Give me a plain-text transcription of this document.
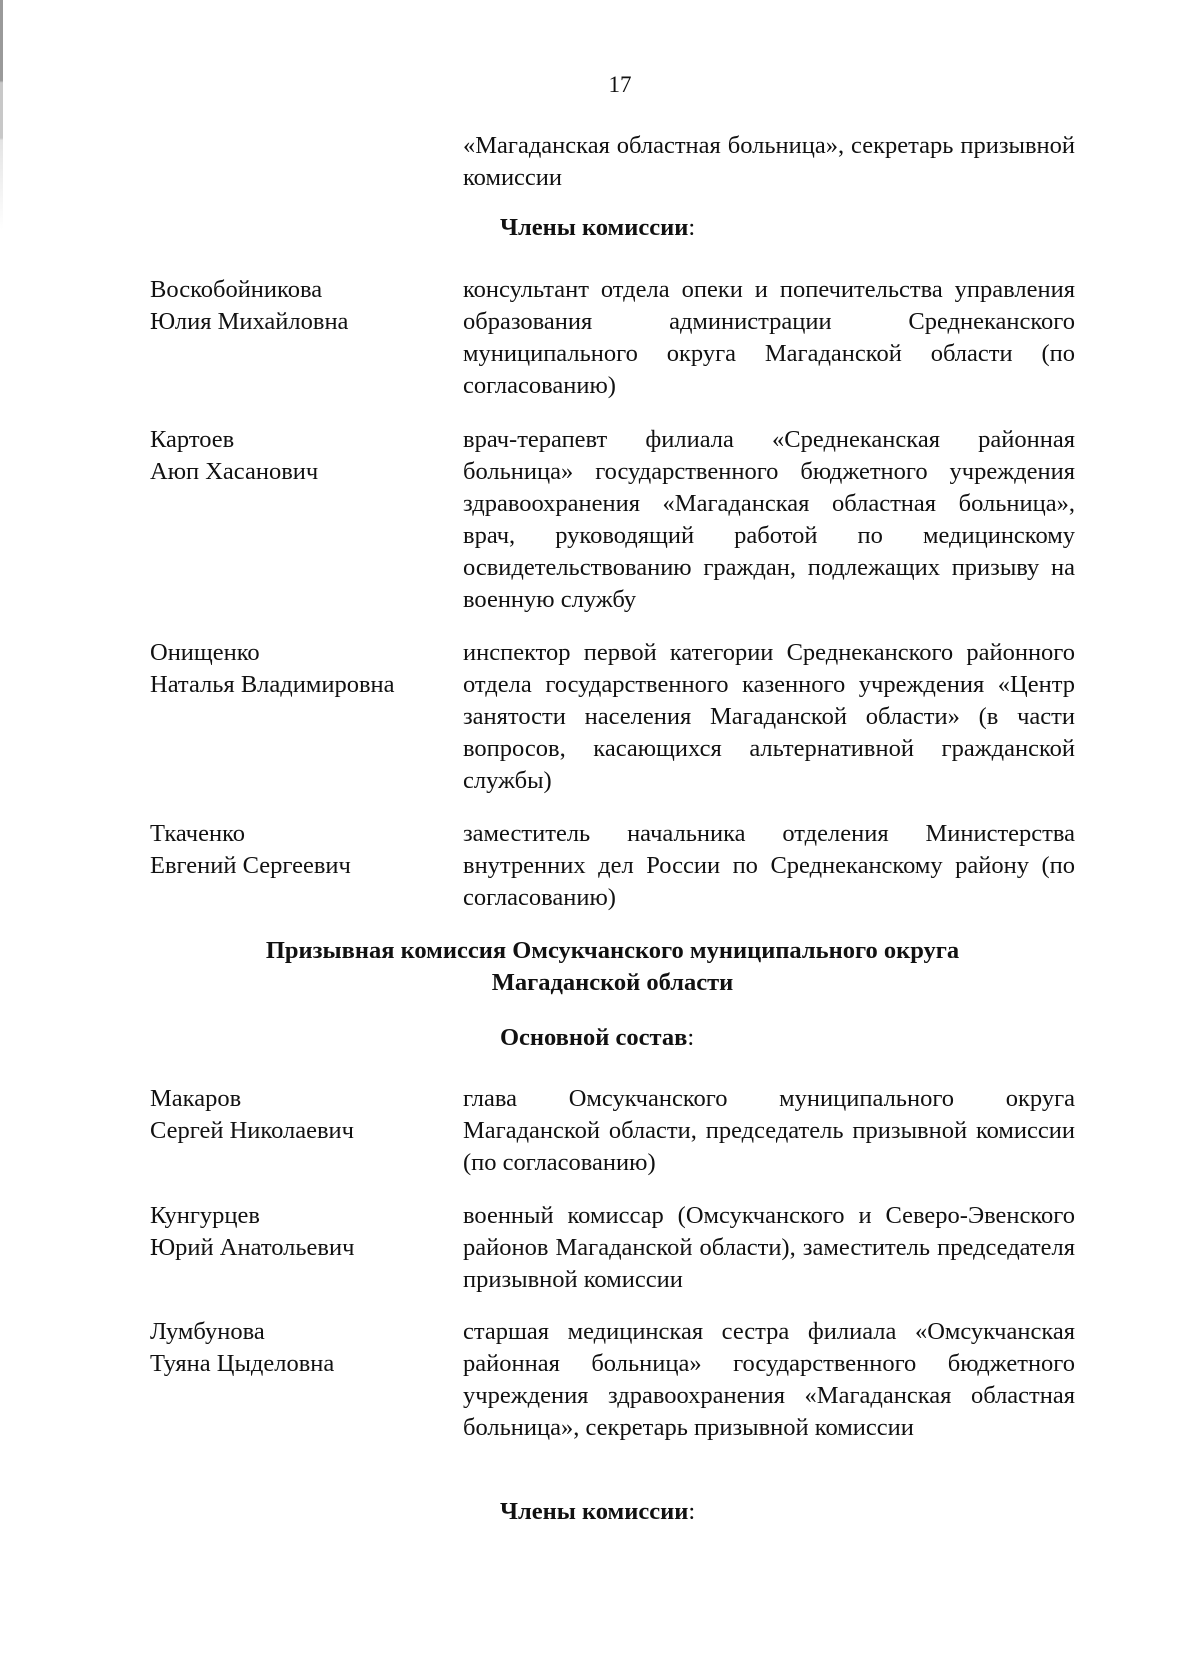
17
«Магаданская областная больница», секретарь призывной комиссии
Члены комиссии:
Воскобойникова
Юлия Михайловна
консультант отдела опеки и попечительства управления образования администрации Среднеканского муниципального округа Магаданской области (по согласованию)
Картоев
Аюп Хасанович
врач-терапевт филиала «Среднеканская районная больница» государственного бюджетного учреждения здравоохранения «Магаданская областная больница», врач, руководящий работой по медицинскому освидетельствованию граждан, подлежащих призыву на военную службу
Онищенко
Наталья Владимировна
инспектор первой категории Среднеканского районного отдела государственного казенного учреждения «Центр занятости населения Магаданской области» (в части вопросов, касающихся альтернативной гражданской службы)
Ткаченко
Евгений Сергеевич
заместитель начальника отделения Министерства внутренних дел России по Среднеканскому району (по согласованию)
Призывная комиссия Омсукчанского муниципального округа
Магаданской области
Основной состав:
Макаров
Сергей Николаевич
глава Омсукчанского муниципального округа Магаданской области, председатель призывной комиссии (по согласованию)
Кунгурцев
Юрий Анатольевич
военный комиссар (Омсукчанского и Северо-Эвенского районов Магаданской области), заместитель председателя призывной комиссии
Лумбунова
Туяна Цыделовна
старшая медицинская сестра филиала «Омсукчанская районная больница» государственного бюджетного учреждения здравоохранения «Магаданская областная больница», секретарь призывной комиссии
Члены комиссии:
